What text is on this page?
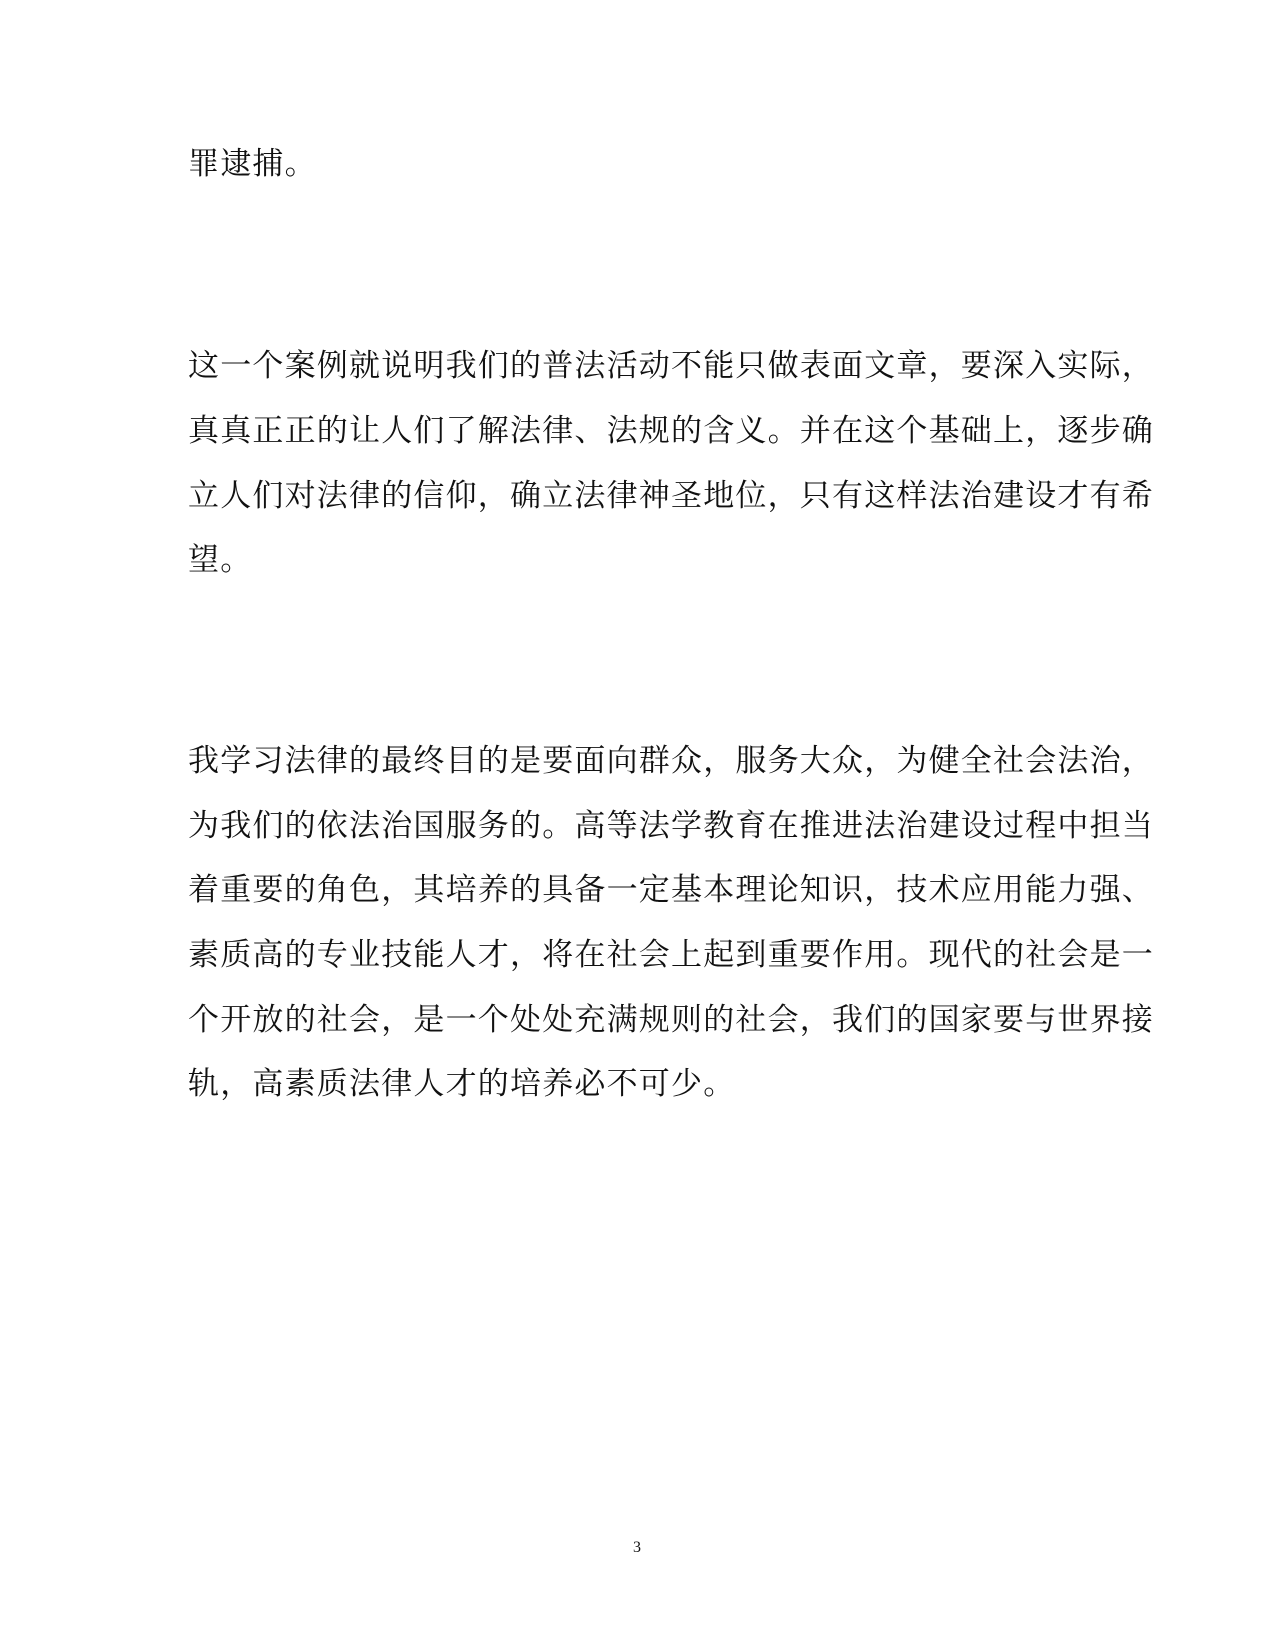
罪逮捕。
这一个案例就说明我们的普法活动不能只做表面文章，要深入实际，
真真正正的让人们了解法律、法规的含义。并在这个基础上，逐步确
立人们对法律的信仰，确立法律神圣地位，只有这样法治建设才有希
望。
我学习法律的最终目的是要面向群众，服务大众，为健全社会法治，
为我们的依法治国服务的。高等法学教育在推进法治建设过程中担当
着重要的角色，其培养的具备一定基本理论知识，技术应用能力强、
素质高的专业技能人才，将在社会上起到重要作用。现代的社会是一
个开放的社会，是一个处处充满规则的社会，我们的国家要与世界接
轨，高素质法律人才的培养必不可少。
3
